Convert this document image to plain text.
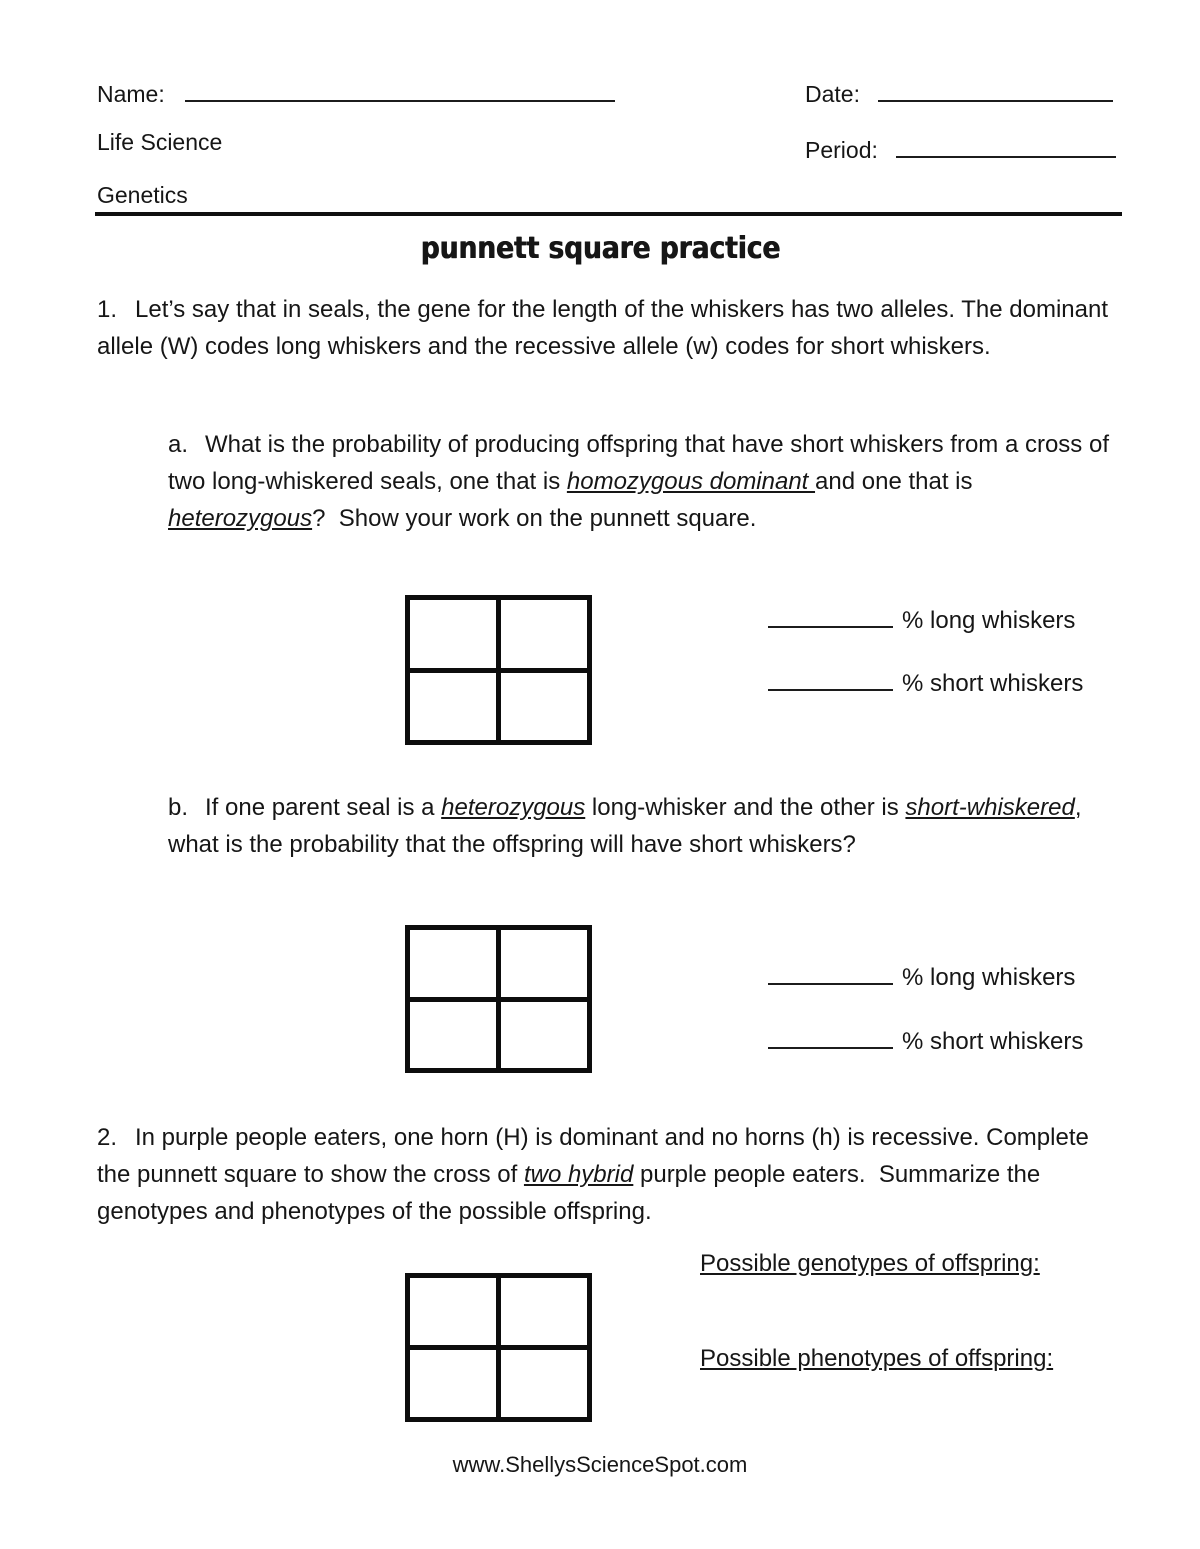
Name:	Date:
Life Science	Period:
Genetics
punnett square practice
1. Let’s say that in seals, the gene for the length of the whiskers has two alleles. The dominant allele (W) codes long whiskers and the recessive allele (w) codes for short whiskers.
a. What is the probability of producing offspring that have short whiskers from a cross of two long-whiskered seals, one that is homozygous dominant and one that is heterozygous?  Show your work on the punnett square.
% long whiskers
% short whiskers
b. If one parent seal is a heterozygous long-whisker and the other is short-whiskered, what is the probability that the offspring will have short whiskers?
% long whiskers
% short whiskers
2. In purple people eaters, one horn (H) is dominant and no horns (h) is recessive. Complete the punnett square to show the cross of two hybrid purple people eaters.  Summarize the genotypes and phenotypes of the possible offspring.
Possible genotypes of offspring:
Possible phenotypes of offspring:
www.ShellysScienceSpot.com
